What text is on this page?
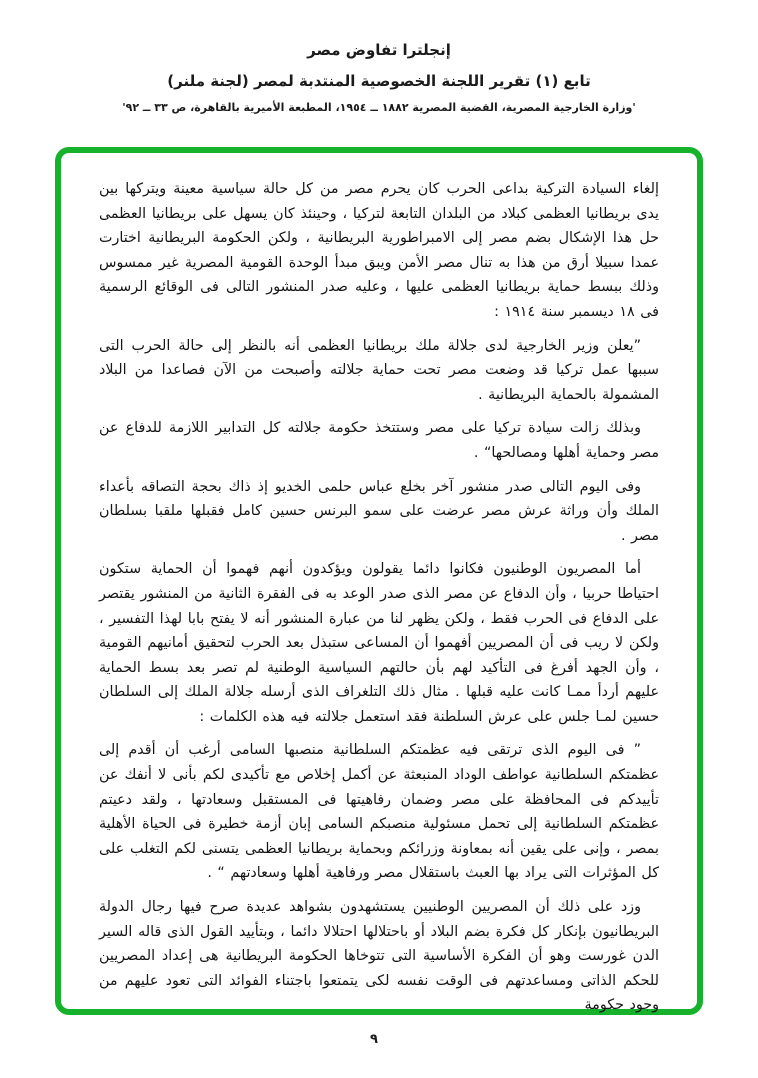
إنجلترا تفاوض مصر

تابع (١) تقرير اللجنة الخصوصية المنتدبة لمصر (لجنة ملنر)

'وزارة الخارجية المصرية، القضية المصرية ١٨٨٢ ــ ١٩٥٤، المطبعة الأميرية بالقاهرة، ص ٣٣ ــ ٩٢'

إلغاء السيادة التركية بداعى الحرب كان يحرم مصر من كل حالة سياسية معينة ويتركها بين يدى بريطانيا العظمى كبلاد من البلدان التابعة لتركيا ، وحينئذ كان يسهل على بريطانيا العظمى حل هذا الإشكال بضم مصر إلى الامبراطورية البريطانية ، ولكن الحكومة البريطانية اختارت عمدا سبيلا أرق من هذا به تنال مصر الأمن ويبق مبدأ الوحدة القومية المصرية غير ممسوس وذلك ببسط حماية بريطانيا العظمى عليها ، وعليه صدر المنشور التالى فى الوقائع الرسمية فى ١٨ ديسمبر سنة ١٩١٤ :

”يعلن وزير الخارجية لدى جلالة ملك بريطانيا العظمى أنه بالنظر إلى حالة الحرب التى سببها عمل تركيا قد وضعت مصر تحت حماية جلالته وأصبحت من الآن فصاعدا من البلاد المشمولة بالحماية البريطانية .

وبذلك زالت سيادة تركيا على مصر وستتخذ حكومة جلالته كل التدابير اللازمة للدفاع عن مصر وحماية أهلها ومصالحها“ .

وفى اليوم التالى صدر منشور آخر بخلع عباس حلمى الخديو إذ ذاك بحجة التصاقه بأعداء الملك وأن وراثة عرش مصر عرضت على سمو البرنس حسين كامل فقبلها ملقبا بسلطان مصر .

أما المصريون الوطنيون فكانوا دائما يقولون ويؤكدون أنهم فهموا أن الحماية ستكون احتياطا حربيا ، وأن الدفاع عن مصر الذى صدر الوعد به فى الفقرة الثانية من المنشور يقتصر على الدفاع فى الحرب فقط ، ولكن يظهر لنا من عبارة المنشور أنه لا يفتح بابا لهذا التفسير ، ولكن لا ريب فى أن المصريين أفهموا أن المساعى ستبذل بعد الحرب لتحقيق أمانيهم القومية ، وأن الجهد أفرغ فى التأكيد لهم بأن حالتهم السياسية الوطنية لم تصر بعد بسط الحماية عليهم أردأ ممـا كانت عليه قبلها . مثال ذلك التلغراف الذى أرسله جلالة الملك إلى السلطان حسين لمـا جلس على عرش السلطنة فقد استعمل جلالته فيه هذه الكلمات :

” فى اليوم الذى ترتقى فيه عظمتكم السلطانية منصبها السامى أرغب أن أقدم إلى عظمتكم السلطانية عواطف الوداد المنبعثة عن أكمل إخلاص مع تأكيدى لكم بأنى لا أنفك عن تأييدكم فى المحافظة على مصر وضمان رفاهيتها فى المستقبل وسعادتها ، ولقد دعيتم عظمتكم السلطانية إلى تحمل مسئولية منصبكم السامى إبان أزمة خطيرة فى الحياة الأهلية بمصر ، وإنى على يقين أنه بمعاونة وزرائكم وبحماية بريطانيا العظمى يتسنى لكم التغلب على كل المؤثرات التى يراد بها العبث باستقلال مصر ورفاهية أهلها وسعادتهم “ .

وزد على ذلك أن المصريين الوطنيين يستشهدون بشواهد عديدة صرح فيها رجال الدولة البريطانيون بإنكار كل فكرة بضم البلاد أو باحتلالها احتلالا دائما ، وبتأييد القول الذى قاله السير الدن غورست وهو أن الفكرة الأساسية التى تتوخاها الحكومة البريطانية هى إعداد المصريين للحكم الذاتى ومساعدتهم فى الوقت نفسه لكى يتمتعوا باجتناء الفوائد التى تعود عليهم من وجود حكومة

٩
